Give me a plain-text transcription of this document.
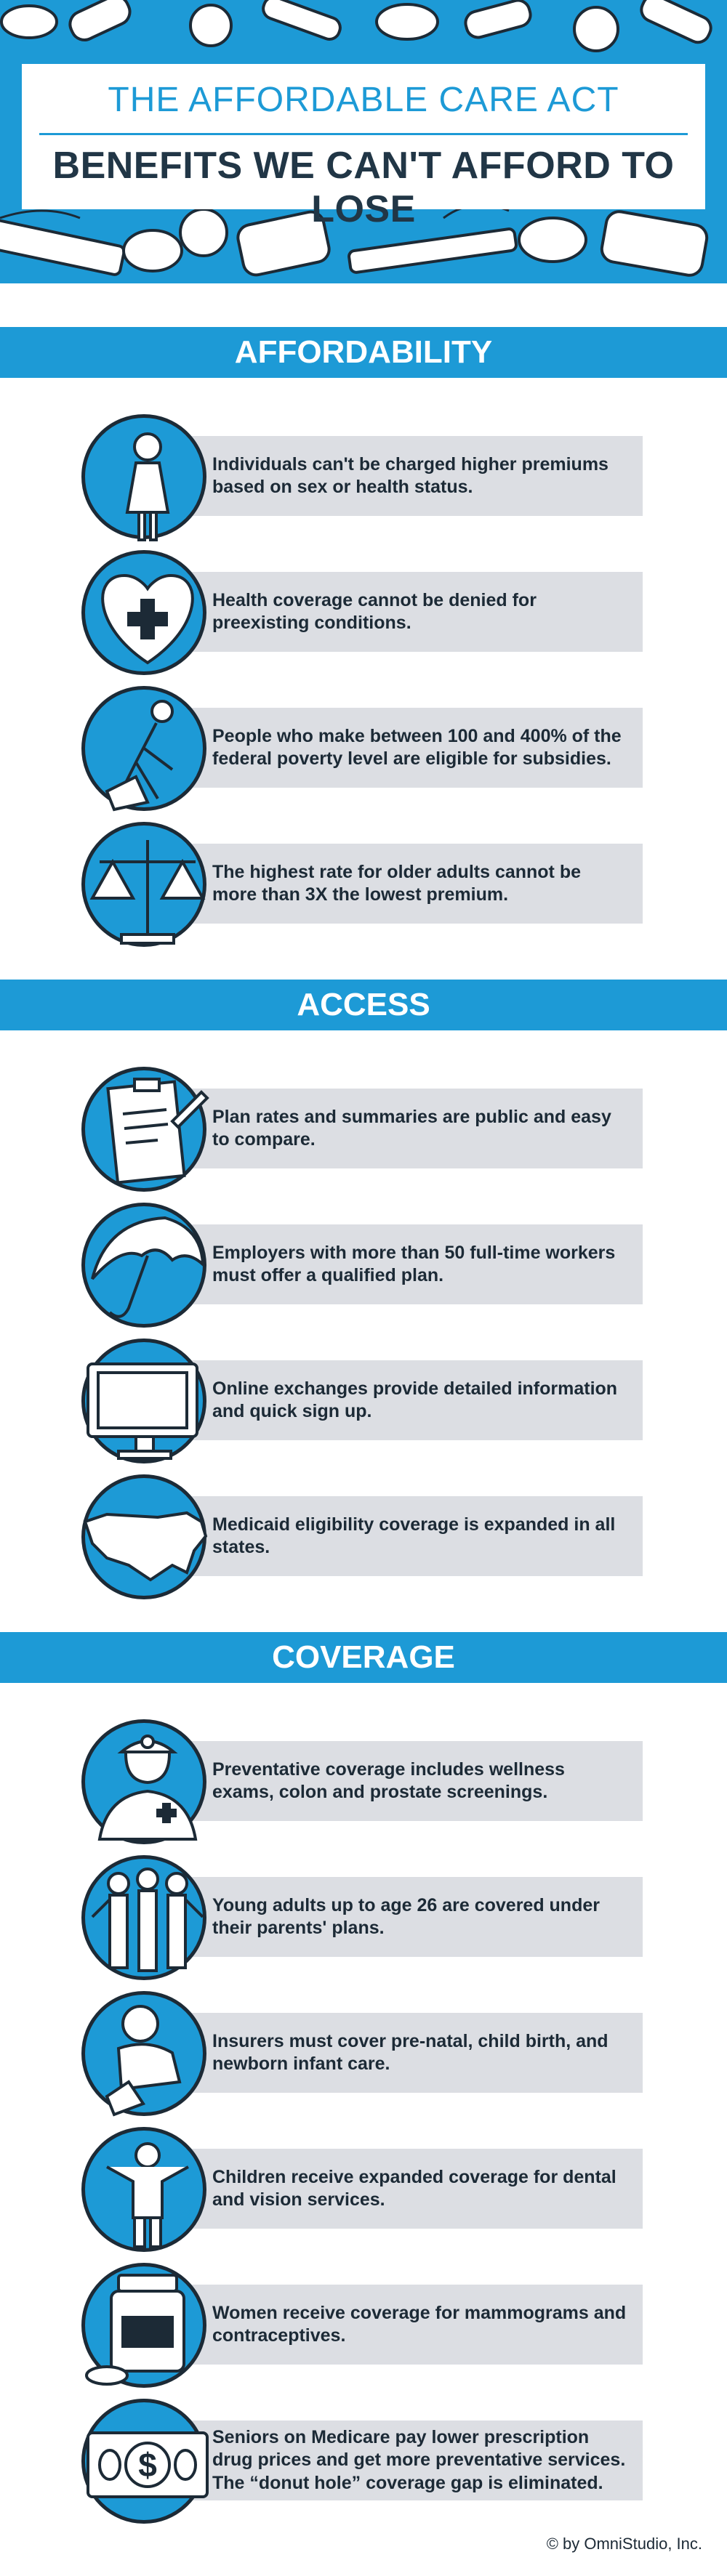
THE AFFORDABLE CARE ACT
BENEFITS WE CAN'T AFFORD TO LOSE
AFFORDABILITY
Individuals can't be charged higher premiums based on sex or health status.
Health coverage cannot be denied for preexisting conditions.
People who make between 100 and 400% of the federal poverty level are eligible for subsidies.
The highest rate for older adults cannot be more than 3X the lowest premium.
ACCESS
Plan rates and summaries are public and easy to compare.
Employers with more than 50 full-time workers must offer a qualified plan.
Online exchanges provide detailed information and quick sign up.
Medicaid eligibility coverage is expanded in all states.
COVERAGE
Preventative coverage includes wellness exams, colon and prostate screenings.
Young adults up to age 26 are covered under their parents' plans.
Insurers must cover pre-natal, child birth, and newborn infant care.
Children receive expanded coverage for dental and vision services.
Women receive coverage for mammograms and contraceptives.
Seniors on Medicare pay lower prescription drug prices and get more preventative services. The “donut hole” coverage gap is eliminated.
$
© by OmniStudio, Inc.
